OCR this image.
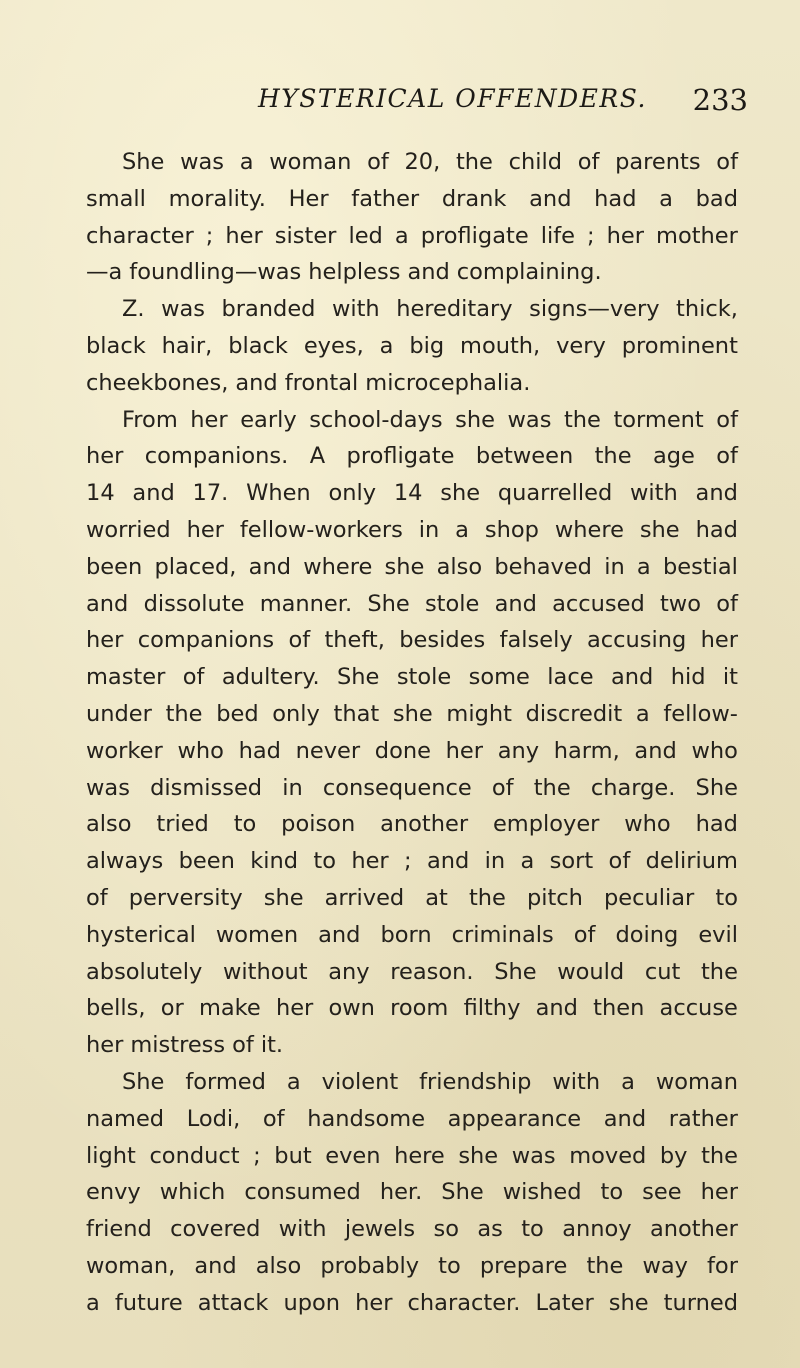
HYSTERICAL OFFENDERS. 233
She was a woman of 20, the child of parents of
small morality. Her father drank and had a bad
character ; her sister led a profligate life ; her mother
—a foundling—was helpless and complaining.
Z. was branded with hereditary signs—very thick,
black hair, black eyes, a big mouth, very prominent
cheekbones, and frontal microcephalia.
From her early school-days she was the torment of
her companions. A profligate between the age of
14 and 17. When only 14 she quarrelled with and
worried her fellow-workers in a shop where she had
been placed, and where she also behaved in a bestial
and dissolute manner. She stole and accused two of
her companions of theft, besides falsely accusing her
master of adultery. She stole some lace and hid it
under the bed only that she might discredit a fellow-
worker who had never done her any harm, and who
was dismissed in consequence of the charge. She
also tried to poison another employer who had
always been kind to her ; and in a sort of delirium
of perversity she arrived at the pitch peculiar to
hysterical women and born criminals of doing evil
absolutely without any reason. She would cut the
bells, or make her own room filthy and then accuse
her mistress of it.
She formed a violent friendship with a woman
named Lodi, of handsome appearance and rather
light conduct ; but even here she was moved by the
envy which consumed her. She wished to see her
friend covered with jewels so as to annoy another
woman, and also probably to prepare the way for
a future attack upon her character. Later she turned
